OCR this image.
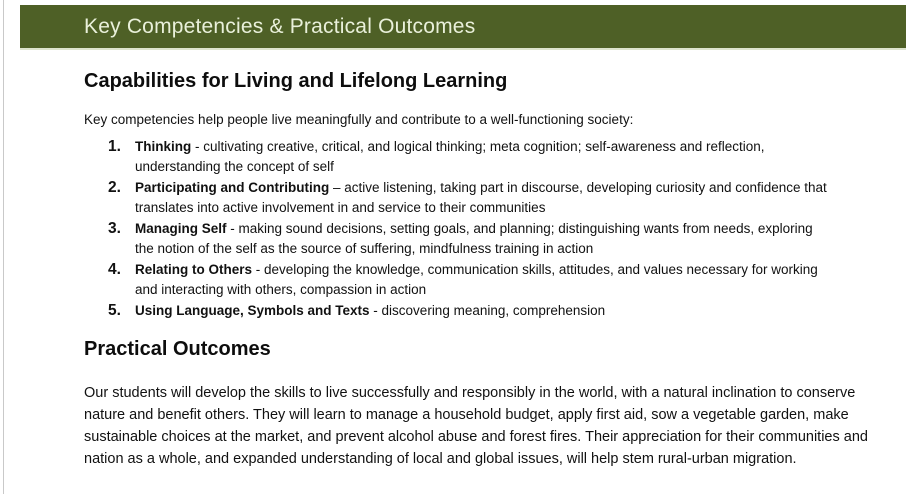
Key Competencies & Practical Outcomes
Capabilities for Living and Lifelong Learning

Key competencies help people live meaningfully and contribute to a well-functioning society:

1. Thinking - cultivating creative, critical, and logical thinking; meta cognition; self-awareness and reflection, understanding the concept of self
2. Participating and Contributing – active listening, taking part in discourse, developing curiosity and confidence that translates into active involvement in and service to their communities
3. Managing Self - making sound decisions, setting goals, and planning; distinguishing wants from needs, exploring the notion of the self as the source of suffering, mindfulness training in action
4. Relating to Others - developing the knowledge, communication skills, attitudes, and values necessary for working and interacting with others, compassion in action
5. Using Language, Symbols and Texts - discovering meaning, comprehension
Practical Outcomes

Our students will develop the skills to live successfully and responsibly in the world, with a natural inclination to conserve nature and benefit others. They will learn to manage a household budget, apply first aid, sow a vegetable garden, make sustainable choices at the market, and prevent alcohol abuse and forest fires. Their appreciation for their communities and nation as a whole, and expanded understanding of local and global issues, will help stem rural-urban migration.
